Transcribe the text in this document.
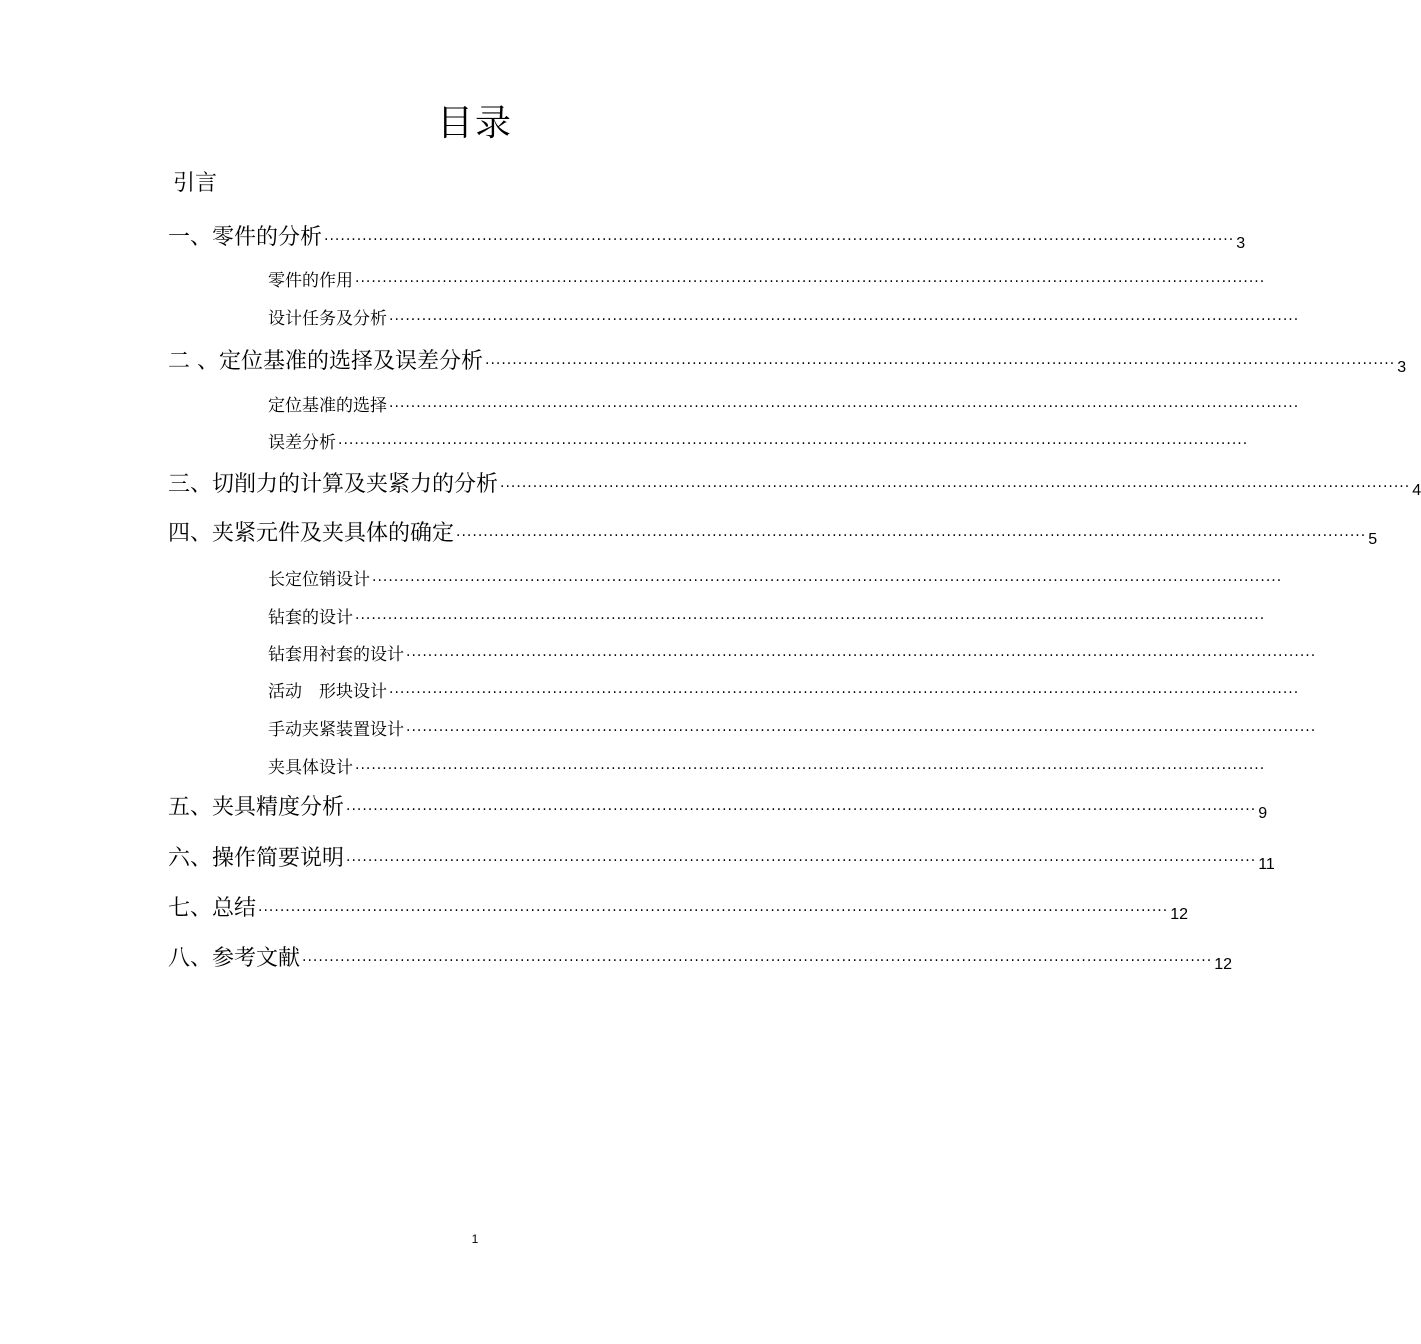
目录
引言
一、零件的分析 ······································································································································································· 3
零件的作用 ·······································································································································································
设计任务及分析 ·······································································································································································
二 、定位基准的选择及误差分析 ······································································································································································· 3
定位基准的选择 ·······································································································································································
误差分析 ·······································································································································································
三、切削力的计算及夹紧力的分析 ······································································································································································· 4
四、夹紧元件及夹具体的确定 ······································································································································································· 5
长定位销设计 ·······································································································································································
钻套的设计 ·······································································································································································
钻套用衬套的设计 ·······································································································································································
活动　形块设计 ·······································································································································································
手动夹紧装置设计 ·······································································································································································
夹具体设计 ·······································································································································································
五、夹具精度分析 ······································································································································································· 9
六、操作简要说明 ······································································································································································· 11
七、总结 ······································································································································································· 12
八、参考文献 ······································································································································································· 12
1
